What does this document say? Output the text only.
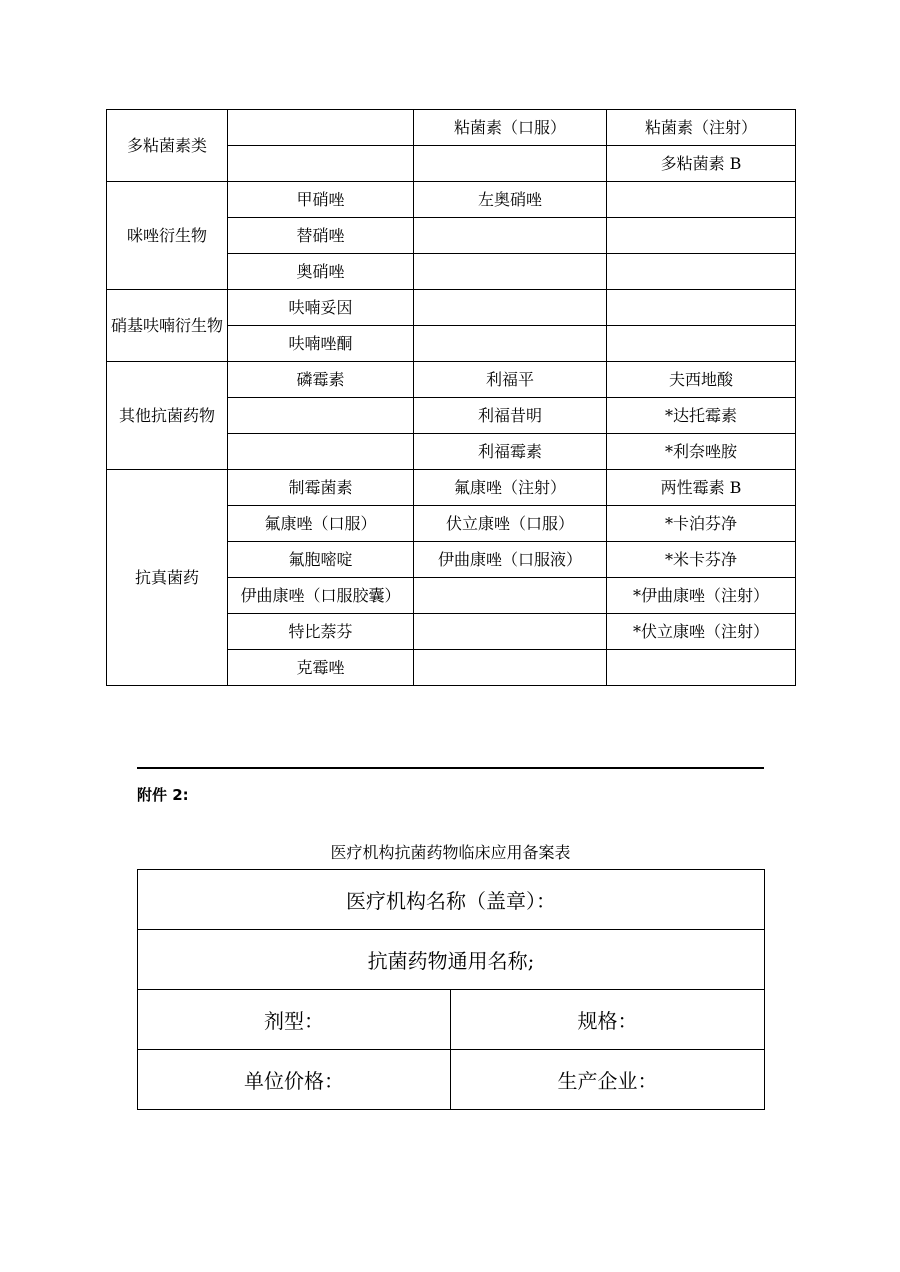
多粘菌素类		粘菌素（口服）	粘菌素（注射）
			多粘菌素 B
咪唑衍生物	甲硝唑	左奥硝唑	
	替硝唑		
	奥硝唑		
硝基呋喃衍生物	呋喃妥因		
	呋喃唑酮		
其他抗菌药物	磷霉素	利福平	夫西地酸
		利福昔明	*达托霉素
		利福霉素	*利奈唑胺
抗真菌药	制霉菌素	氟康唑（注射）	两性霉素 B
	氟康唑（口服）	伏立康唑（口服）	*卡泊芬净
	氟胞嘧啶	伊曲康唑（口服液）	*米卡芬净
	伊曲康唑（口服胶囊）		*伊曲康唑（注射）
	特比萘芬		*伏立康唑（注射）
	克霉唑		
附件 2:
医疗机构抗菌药物临床应用备案表
医疗机构名称（盖章）：	
抗菌药物通用名称;	
剂型：	规格：
单位价格：	生产企业：
